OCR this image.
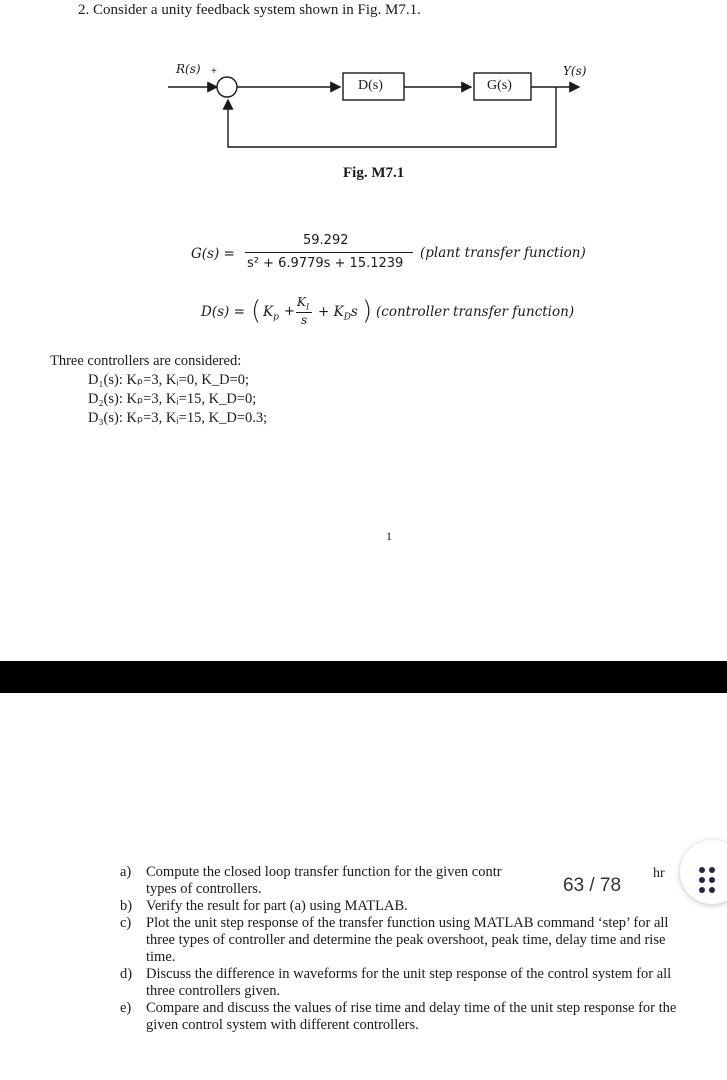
2. Consider a unity feedback system shown in Fig. M7.1.
R(s) +
D(s)	G(s)
Y(s)
Fig. M7.1
G(s) =
59.292
s² + 6.9779s + 15.1239
(plant transfer function)
D(s) = ( $K_p$ +
$K_I$
$s + K_Ds$ ) (controller transfer function)
Three controllers are considered:
D₁(s): Kₚ=3, Kᵢ=0, K_D=0;
D₂(s): Kₚ=3, Kᵢ=15, K_D=0;
D₃(s): Kₚ=3, Kᵢ=15, K_D=0.3;
1
a) Compute the closed loop transfer function for the given contr
types of controllers.
b) Verify the result for part (a) using MATLAB.
c) Plot the unit step response of the transfer function using MATLAB command ‘step’ for all three types of controller and determine the peak overshoot, peak time, delay time and rise time.
d) Discuss the difference in waveforms for the unit step response of the control system for all three controllers given.
e) Compare and discuss the values of rise time and delay time of the unit step response for the given control system with different controllers.
63 / 78
hr
